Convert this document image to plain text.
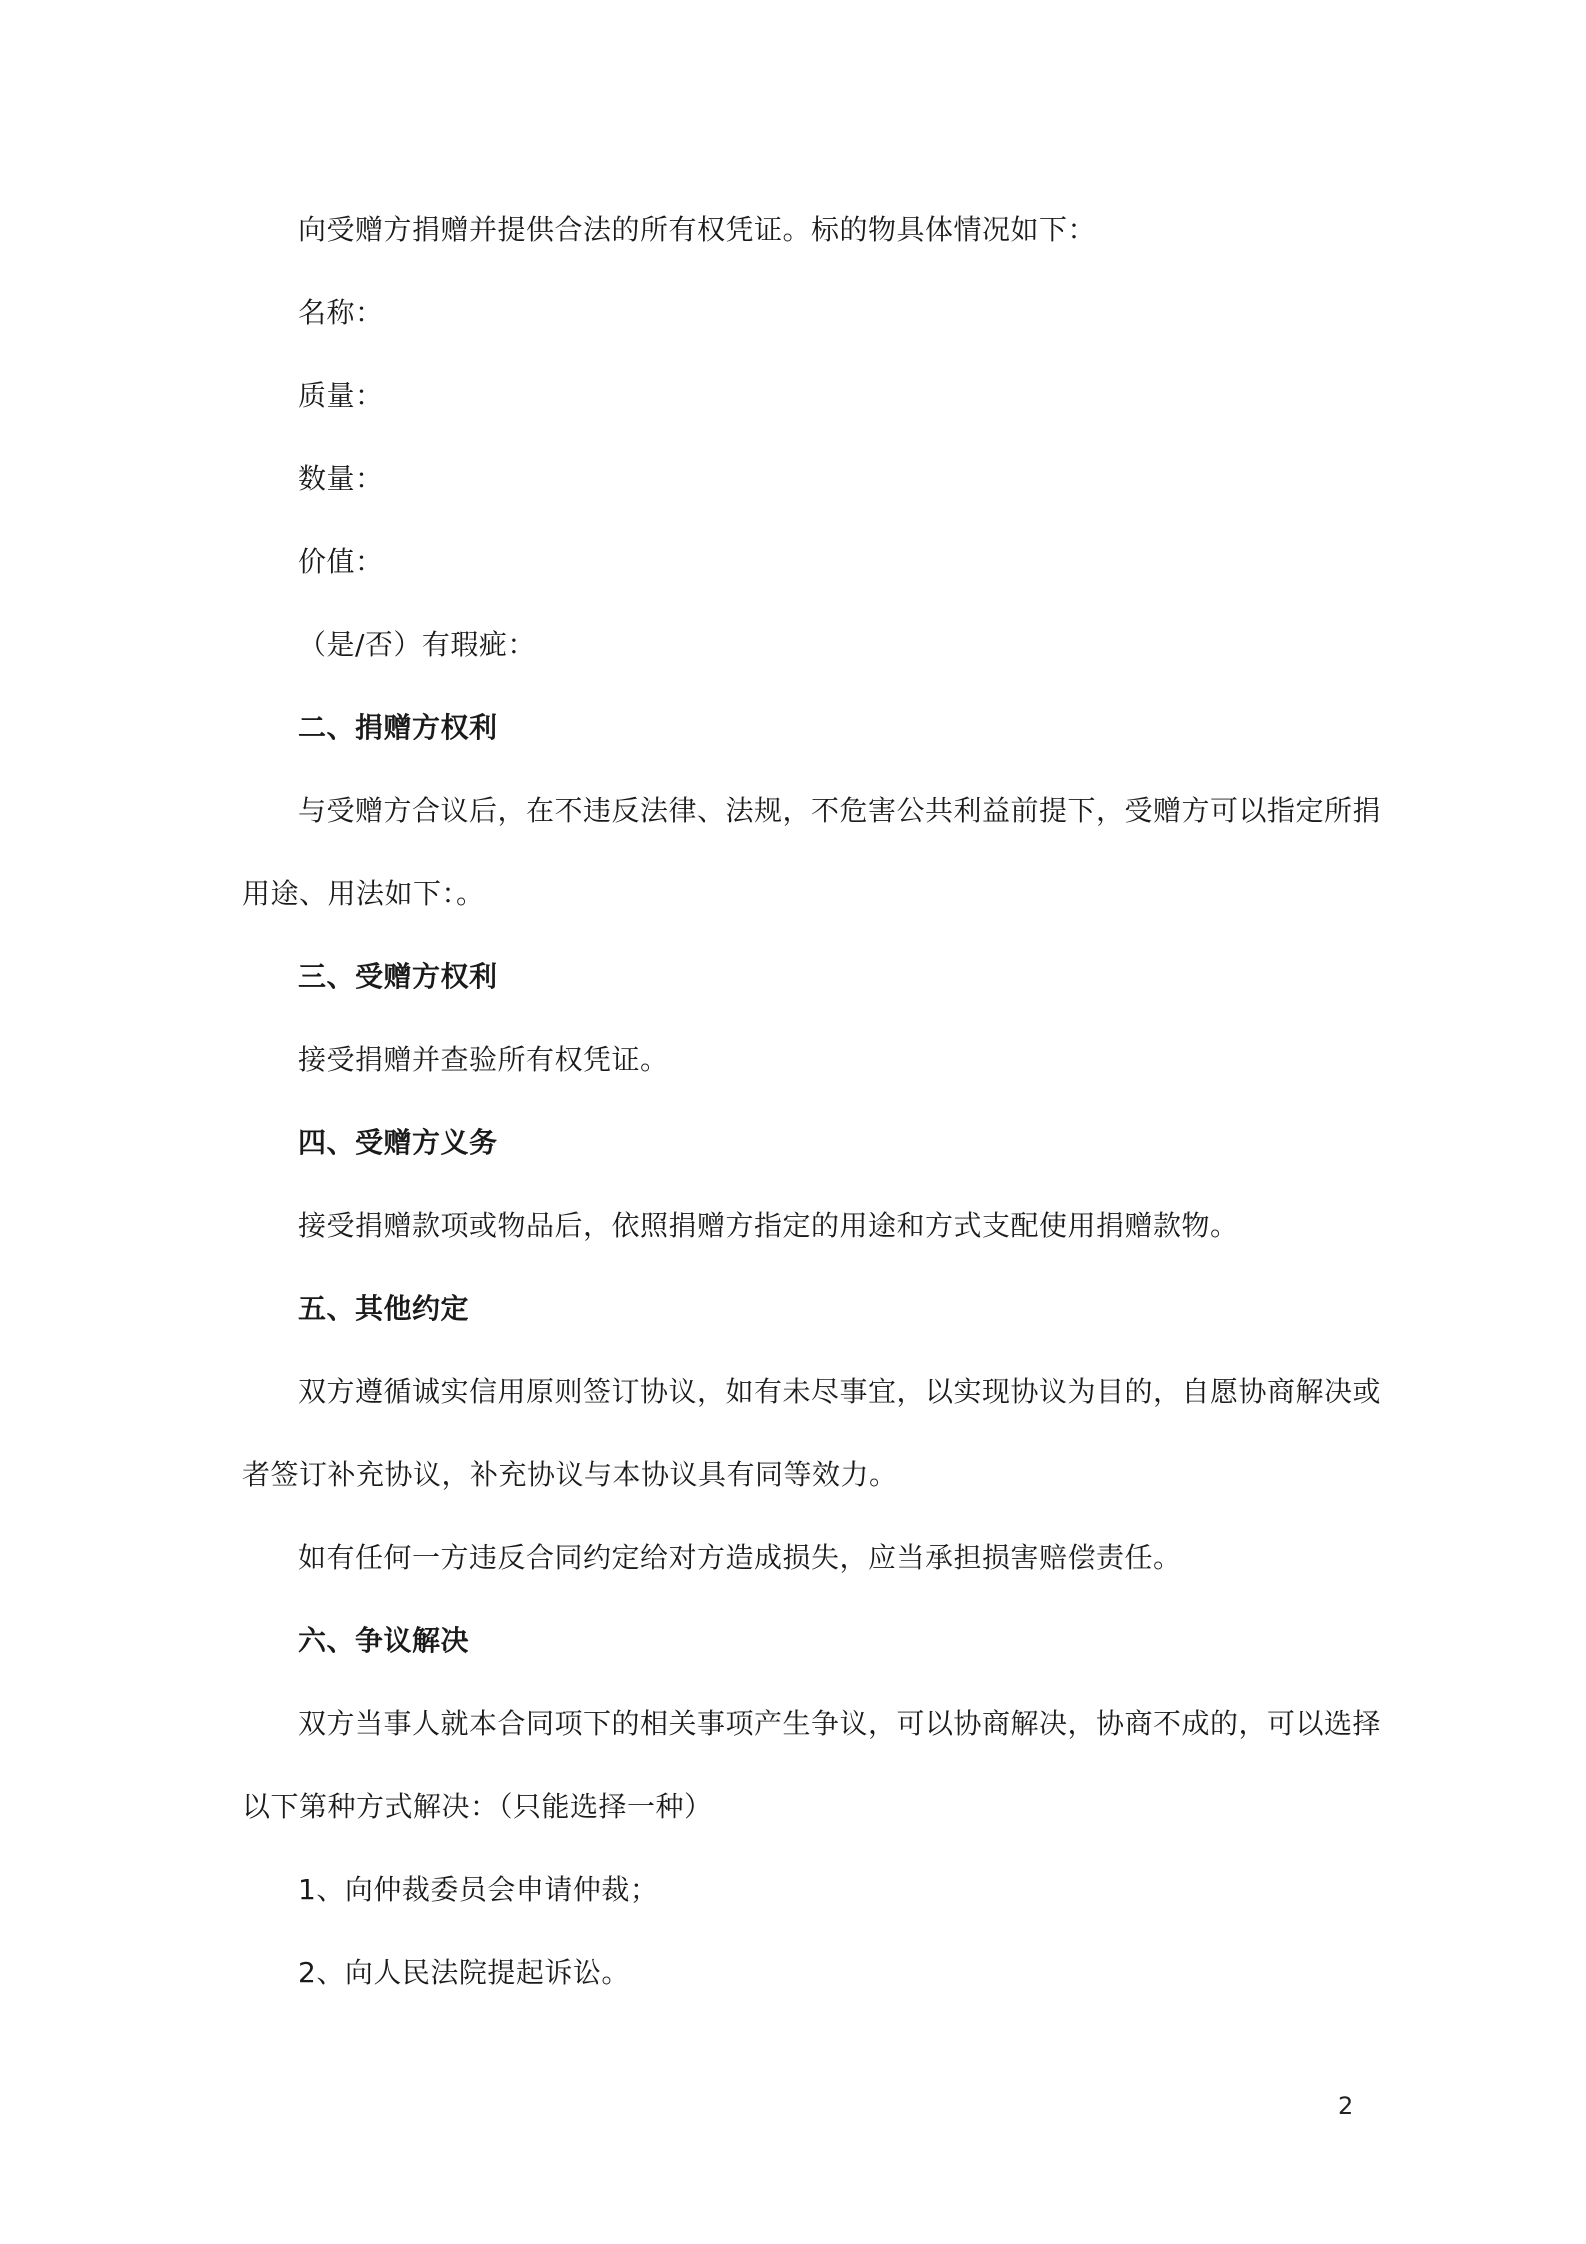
向受赠方捐赠并提供合法的所有权凭证。标的物具体情况如下：
名称：
质量：
数量：
价值：
（是/否）有瑕疵：
二、捐赠方权利
与受赠方合议后，在不违反法律、法规，不危害公共利益前提下，受赠方可以指定所捐
用途、用法如下：。
三、受赠方权利
接受捐赠并查验所有权凭证。
四、受赠方义务
接受捐赠款项或物品后，依照捐赠方指定的用途和方式支配使用捐赠款物。
五、其他约定
双方遵循诚实信用原则签订协议，如有未尽事宜，以实现协议为目的，自愿协商解决或
者签订补充协议，补充协议与本协议具有同等效力。
如有任何一方违反合同约定给对方造成损失，应当承担损害赔偿责任。
六、争议解决
双方当事人就本合同项下的相关事项产生争议，可以协商解决，协商不成的，可以选择
以下第种方式解决：（只能选择一种）
1、向仲裁委员会申请仲裁；
2、向人民法院提起诉讼。
2
